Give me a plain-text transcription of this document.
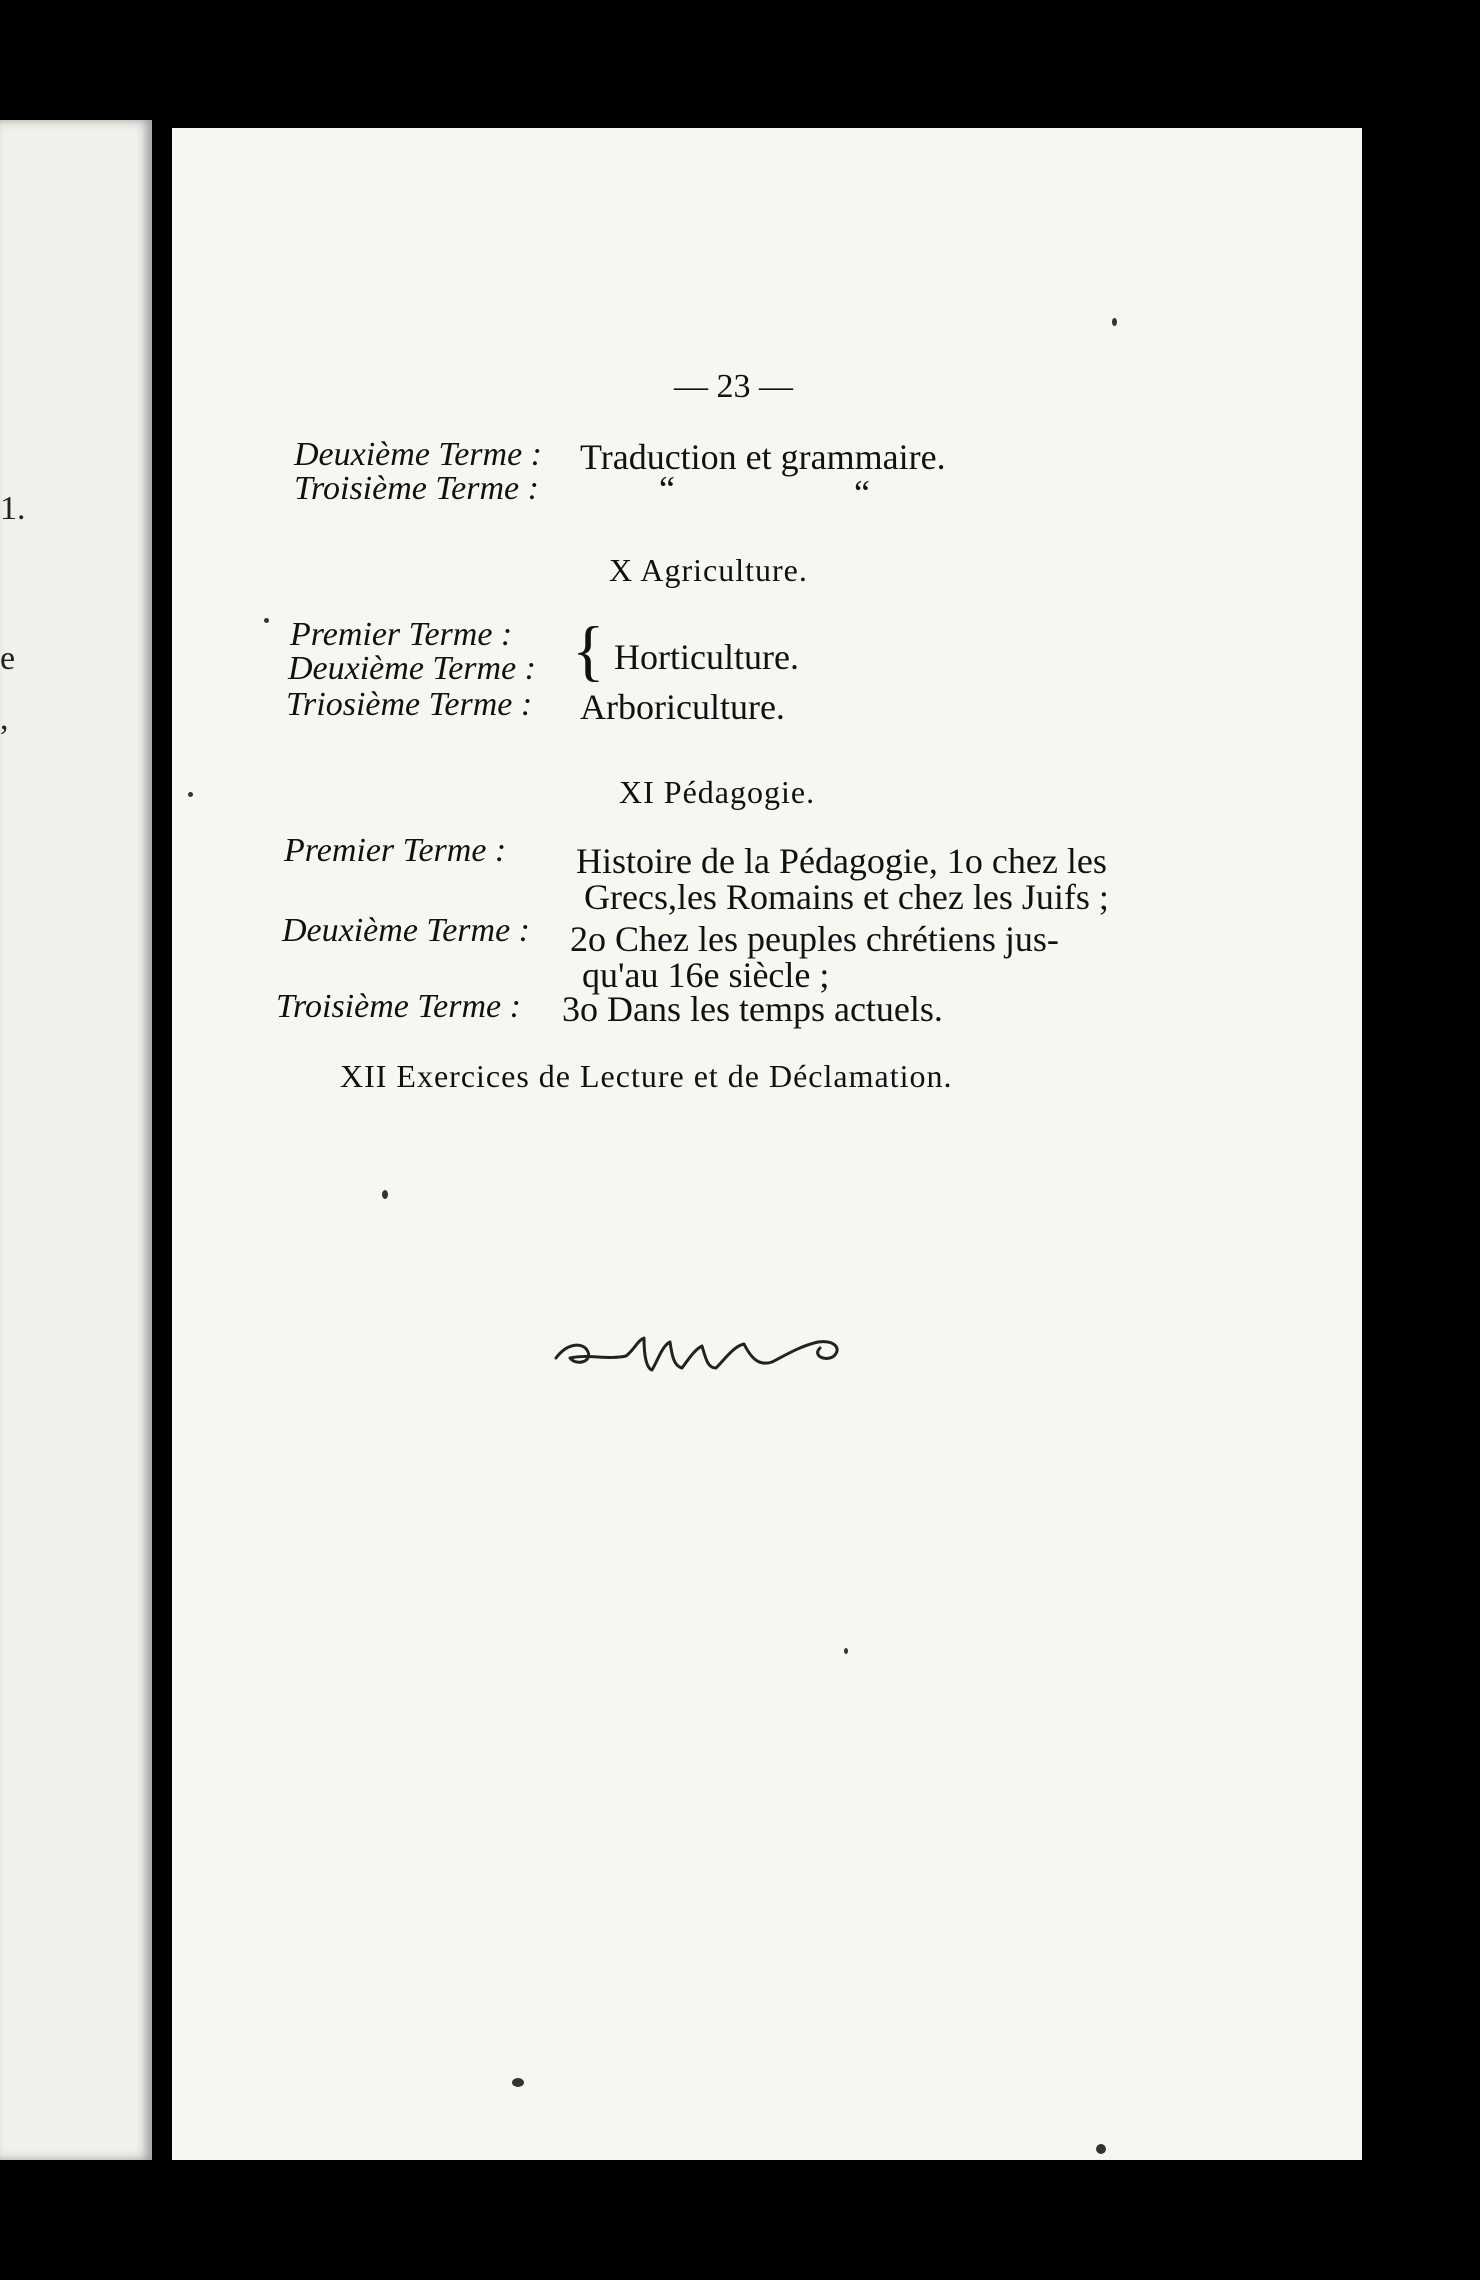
1.
e
,
— 23 —
Deuxième Terme : Traduction et grammaire.
Troisième Terme :	“	“
X Agriculture.
Premier Terme :
Deuxième Terme : { Horticulture.
Triosième Terme : Arboriculture.
XI Pédagogie.
Premier Terme : Histoire de la Pédagogie, 1o chez les
Grecs,les Romains et chez les Juifs ;
Deuxième Terme : 2o Chez les peuples chrétiens jus-
qu'au 16e siècle ;
Troisième Terme : 3o Dans les temps actuels.
XII Exercices de Lecture et de Déclamation.
